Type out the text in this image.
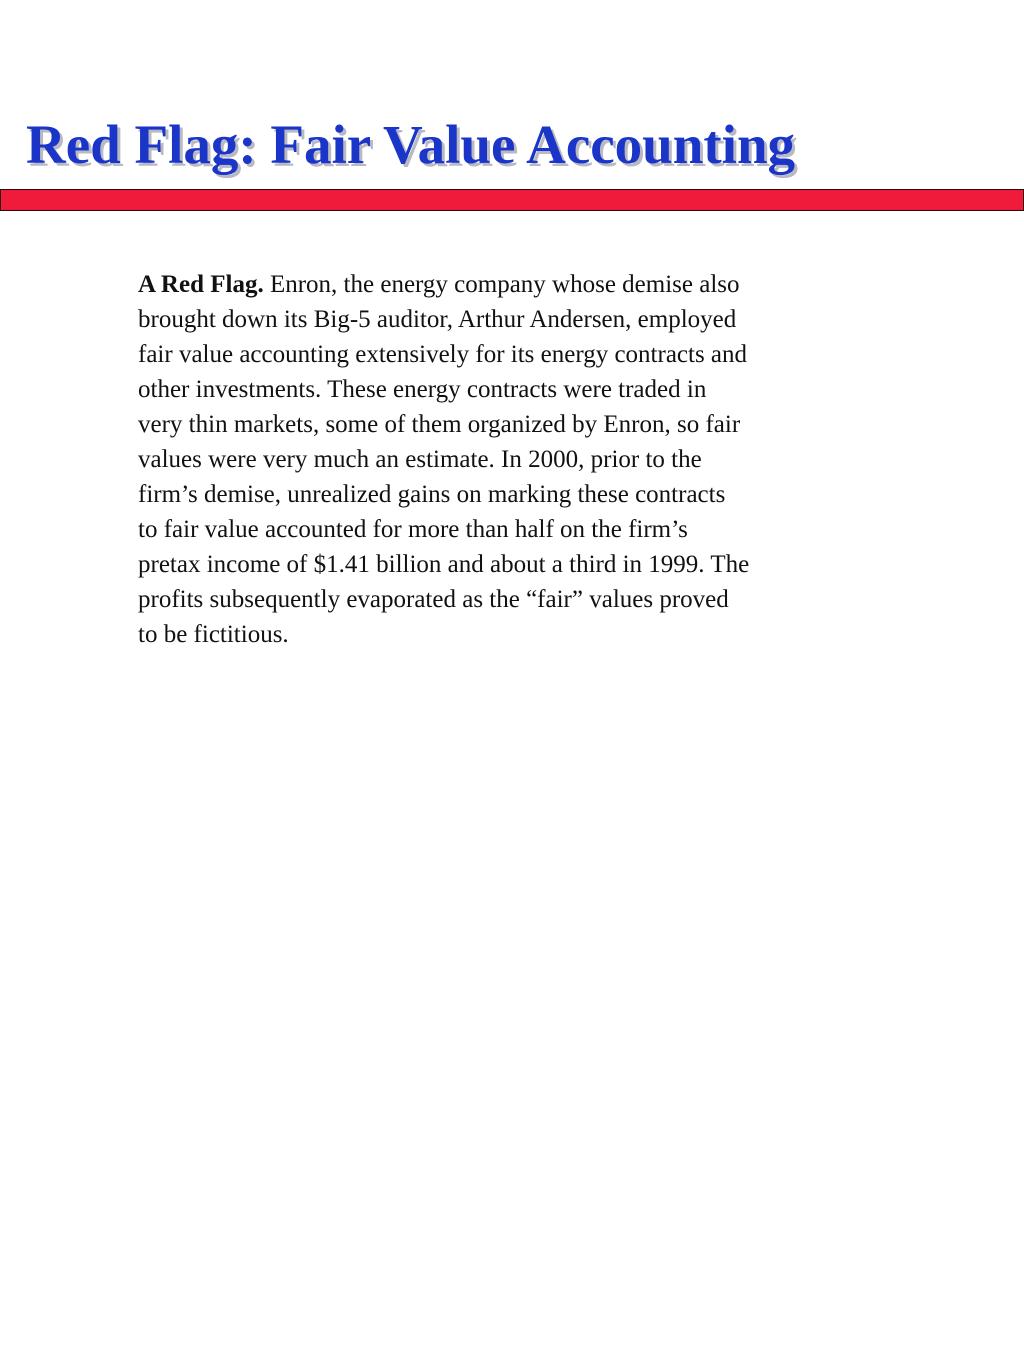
Red Flag: Fair Value Accounting
A Red Flag. Enron, the energy company whose demise also
brought down its Big-5 auditor, Arthur Andersen, employed
fair value accounting extensively for its energy contracts and
other investments. These energy contracts were traded in
very thin markets, some of them organized by Enron, so fair
values were very much an estimate. In 2000, prior to the
firm’s demise, unrealized gains on marking these contracts
to fair value accounted for more than half on the firm’s
pretax income of $1.41 billion and about a third in 1999. The
profits subsequently evaporated as the “fair” values proved
to be fictitious.
